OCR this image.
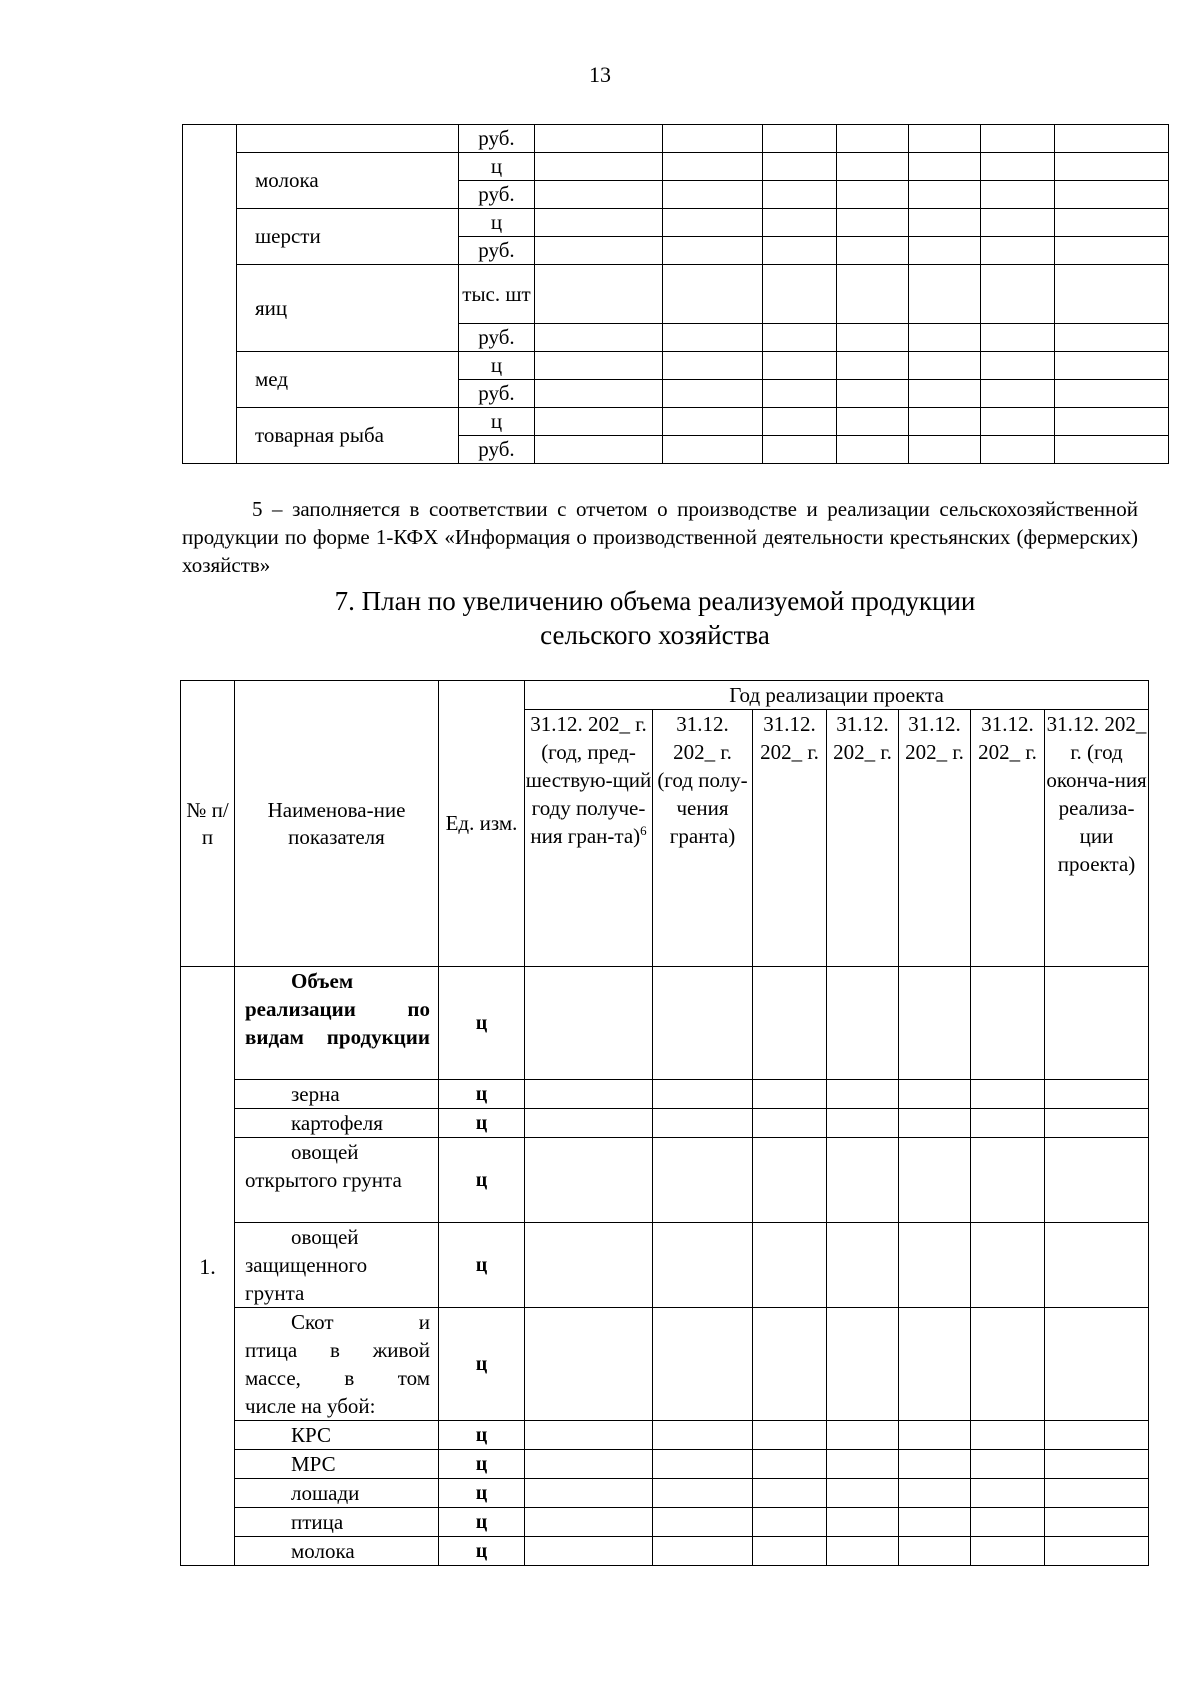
13
		руб.							
	молока	ц							
		руб.							
	шерсти	ц							
		руб.							
	яиц	тыс. шт							
		руб.							
	мед	ц							
		руб.							
	товарная рыба	ц							
		руб.							

5 – заполняется в соответствии с отчетом о производстве и реализации сельскохозяйственной продукции по форме 1-КФХ «Информация о производственной деятельности крестьянских (фермерских) хозяйств»

7. План по увеличению объема реализуемой продукции
сельского хозяйства
№ п/п	Наименова-ние показателя	Ед. изм.	Год реализации проекта						
			31.12. 202_ г. (год, пред-шествую-щий году получе-ния гран-та)$^6$	31.12. 202_ г. (год полу-чения гранта)	31.12. 202_ г.	31.12. 202_ г.	31.12. 202_ г.	31.12. 202_ г.	31.12. 202_ г. (год оконча-ния реализа-ции проекта)
1.	Объем
реализации по видам продукции	ц							
	зерна	ц							
	картофеля	ц							

	овощей
открытого грунта	ц							

	овощей
защищенного грунта	ц							

	Скот и
птица в живой массе, в том
числе на убой:	ц							
	КРС	ц							
	МРС	ц							
	лошади	ц							
	птица	ц							
	молока	ц							
